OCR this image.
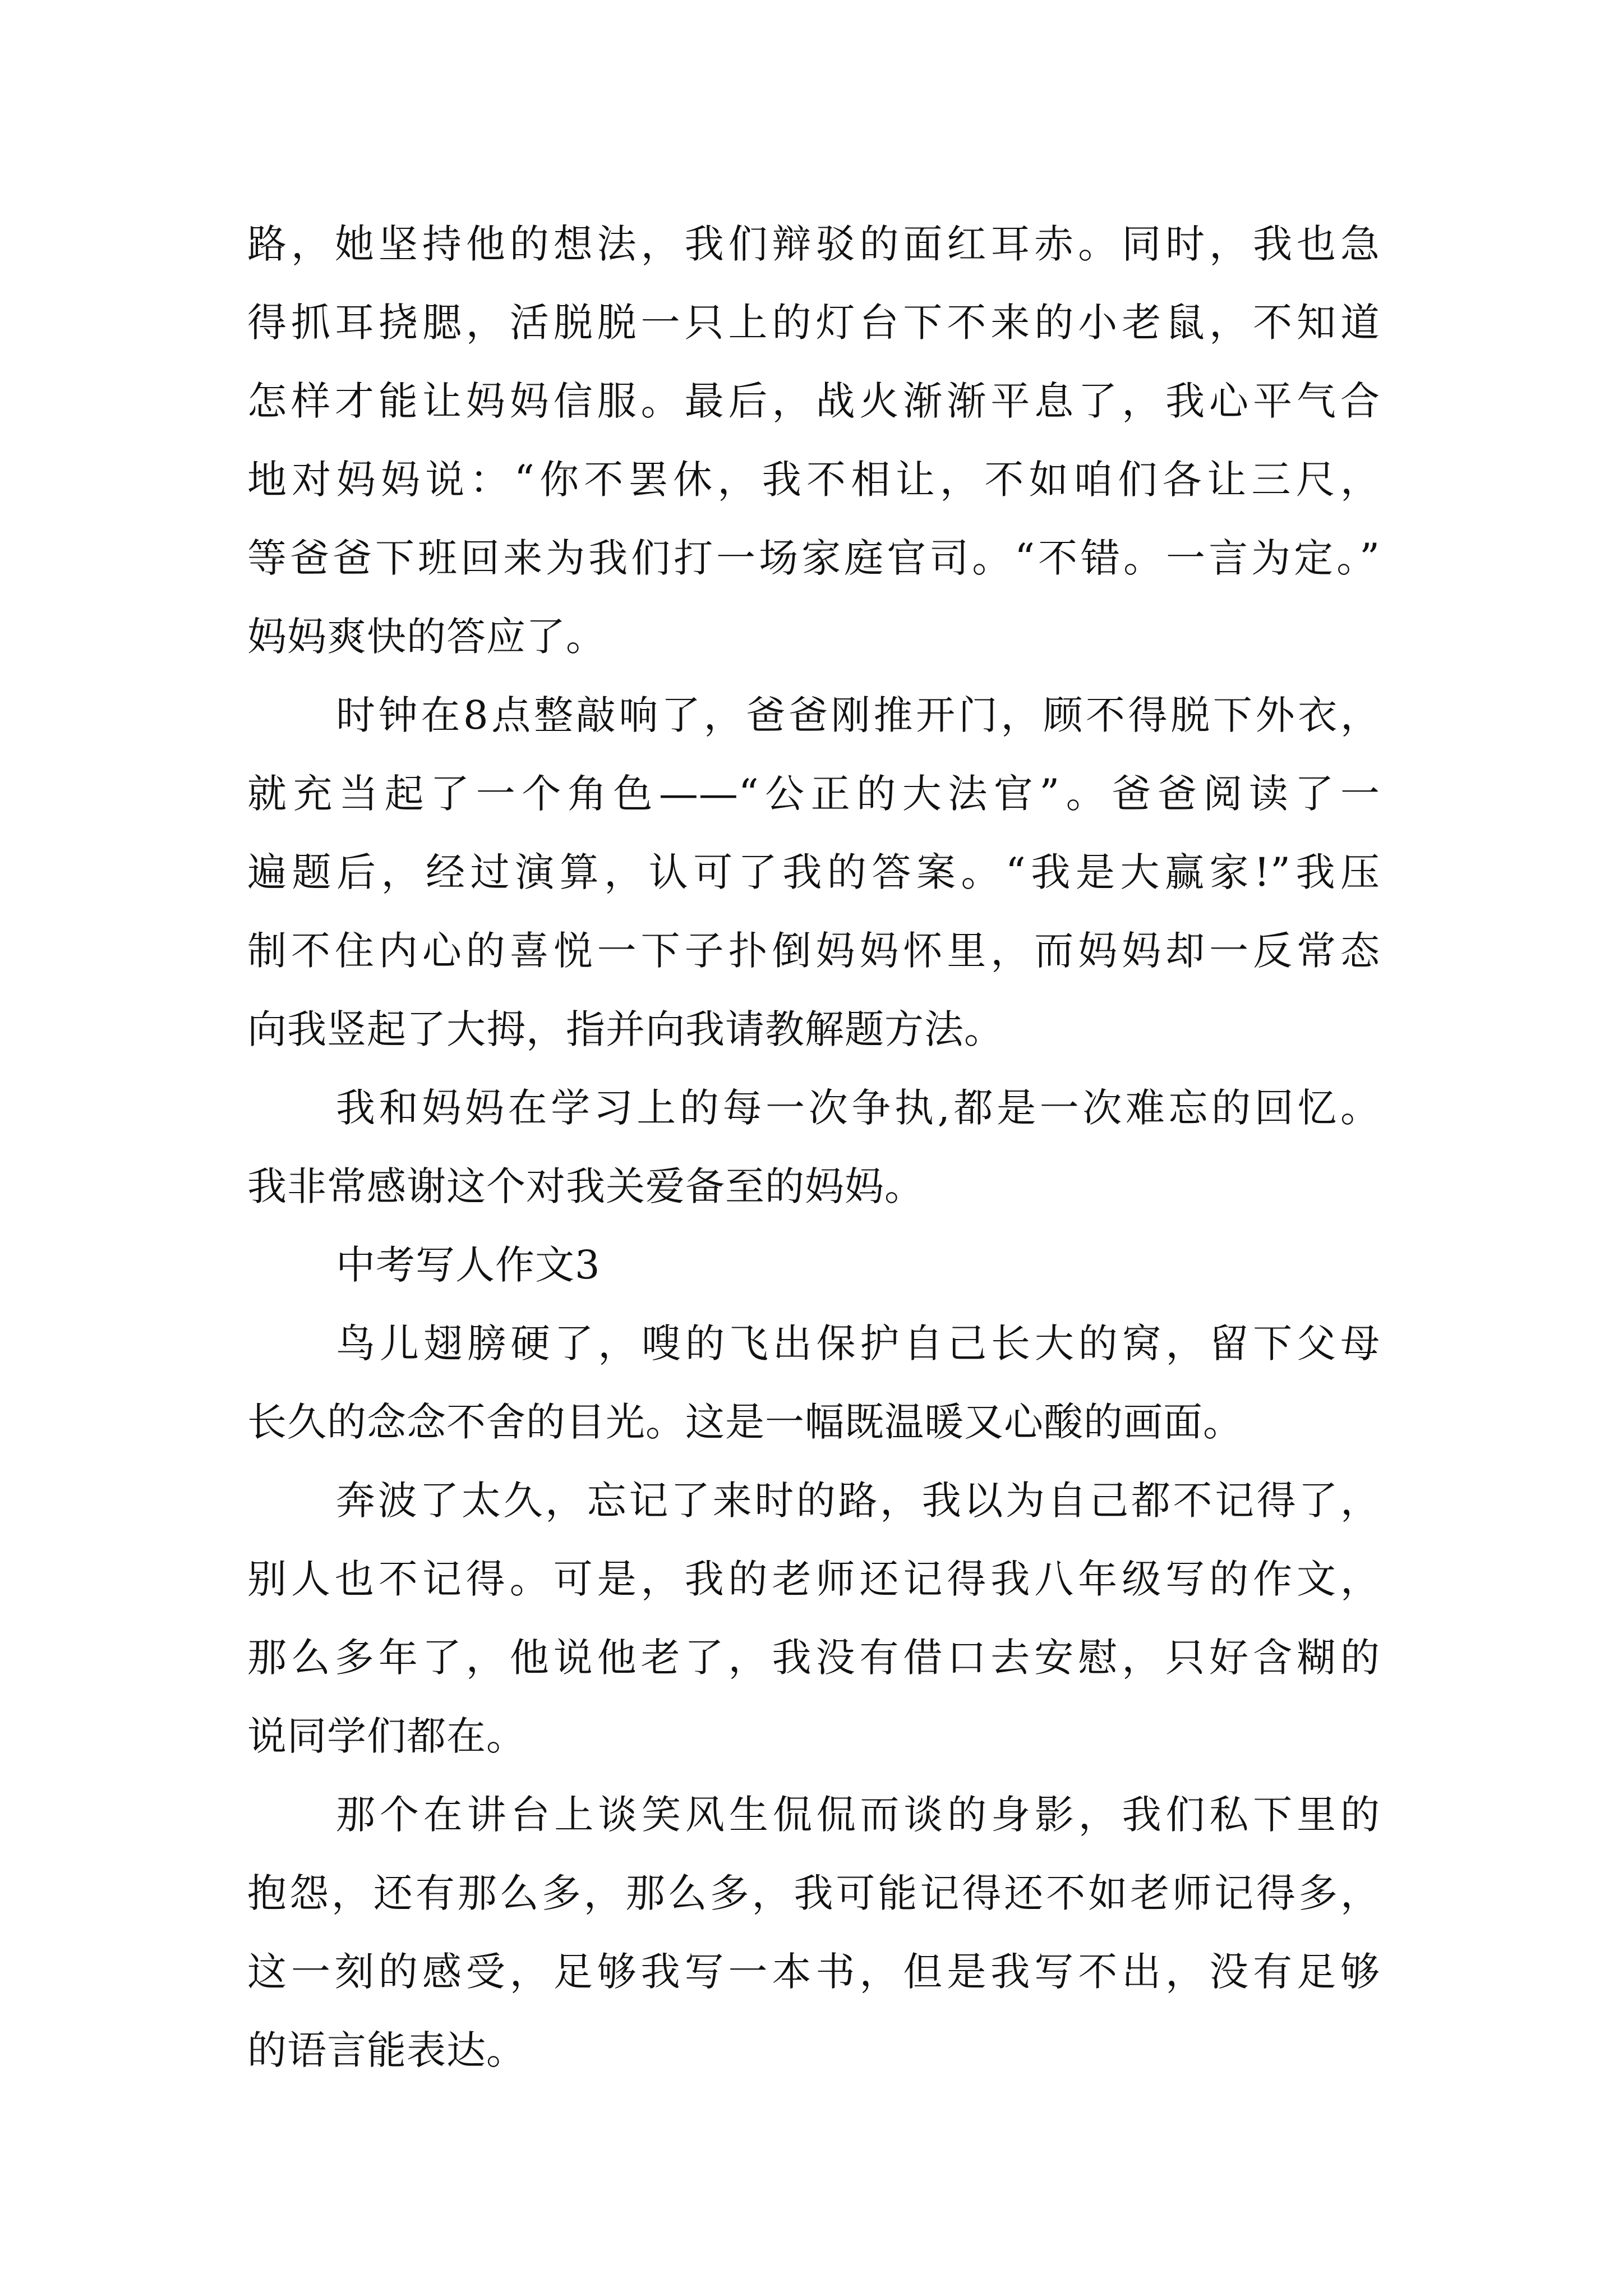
路，她坚持他的想法，我们辩驳的面红耳赤。同时，我也急
得抓耳挠腮，活脱脱一只上的灯台下不来的小老鼠，不知道
怎样才能让妈妈信服。最后，战火渐渐平息了，我心平气合
地对妈妈说：“你不罢休，我不相让，不如咱们各让三尺，
等爸爸下班回来为我们打一场家庭官司。“不错。一言为定。”
妈妈爽快的答应了。
时钟在8点整敲响了，爸爸刚推开门，顾不得脱下外衣，
就充当起了一个角色——“公正的大法官”。爸爸阅读了一
遍题后，经过演算，认可了我的答案。“我是大赢家!”我压
制不住内心的喜悦一下子扑倒妈妈怀里，而妈妈却一反常态
向我竖起了大拇，指并向我请教解题方法。
我和妈妈在学习上的每一次争执,都是一次难忘的回忆。
我非常感谢这个对我关爱备至的妈妈。
中考写人作文3
鸟儿翅膀硬了，嗖的飞出保护自己长大的窝，留下父母
长久的念念不舍的目光。这是一幅既温暖又心酸的画面。
奔波了太久，忘记了来时的路，我以为自己都不记得了，
别人也不记得。可是，我的老师还记得我八年级写的作文，
那么多年了，他说他老了，我没有借口去安慰，只好含糊的
说同学们都在。
那个在讲台上谈笑风生侃侃而谈的身影，我们私下里的
抱怨，还有那么多，那么多，我可能记得还不如老师记得多，
这一刻的感受，足够我写一本书，但是我写不出，没有足够
的语言能表达。
